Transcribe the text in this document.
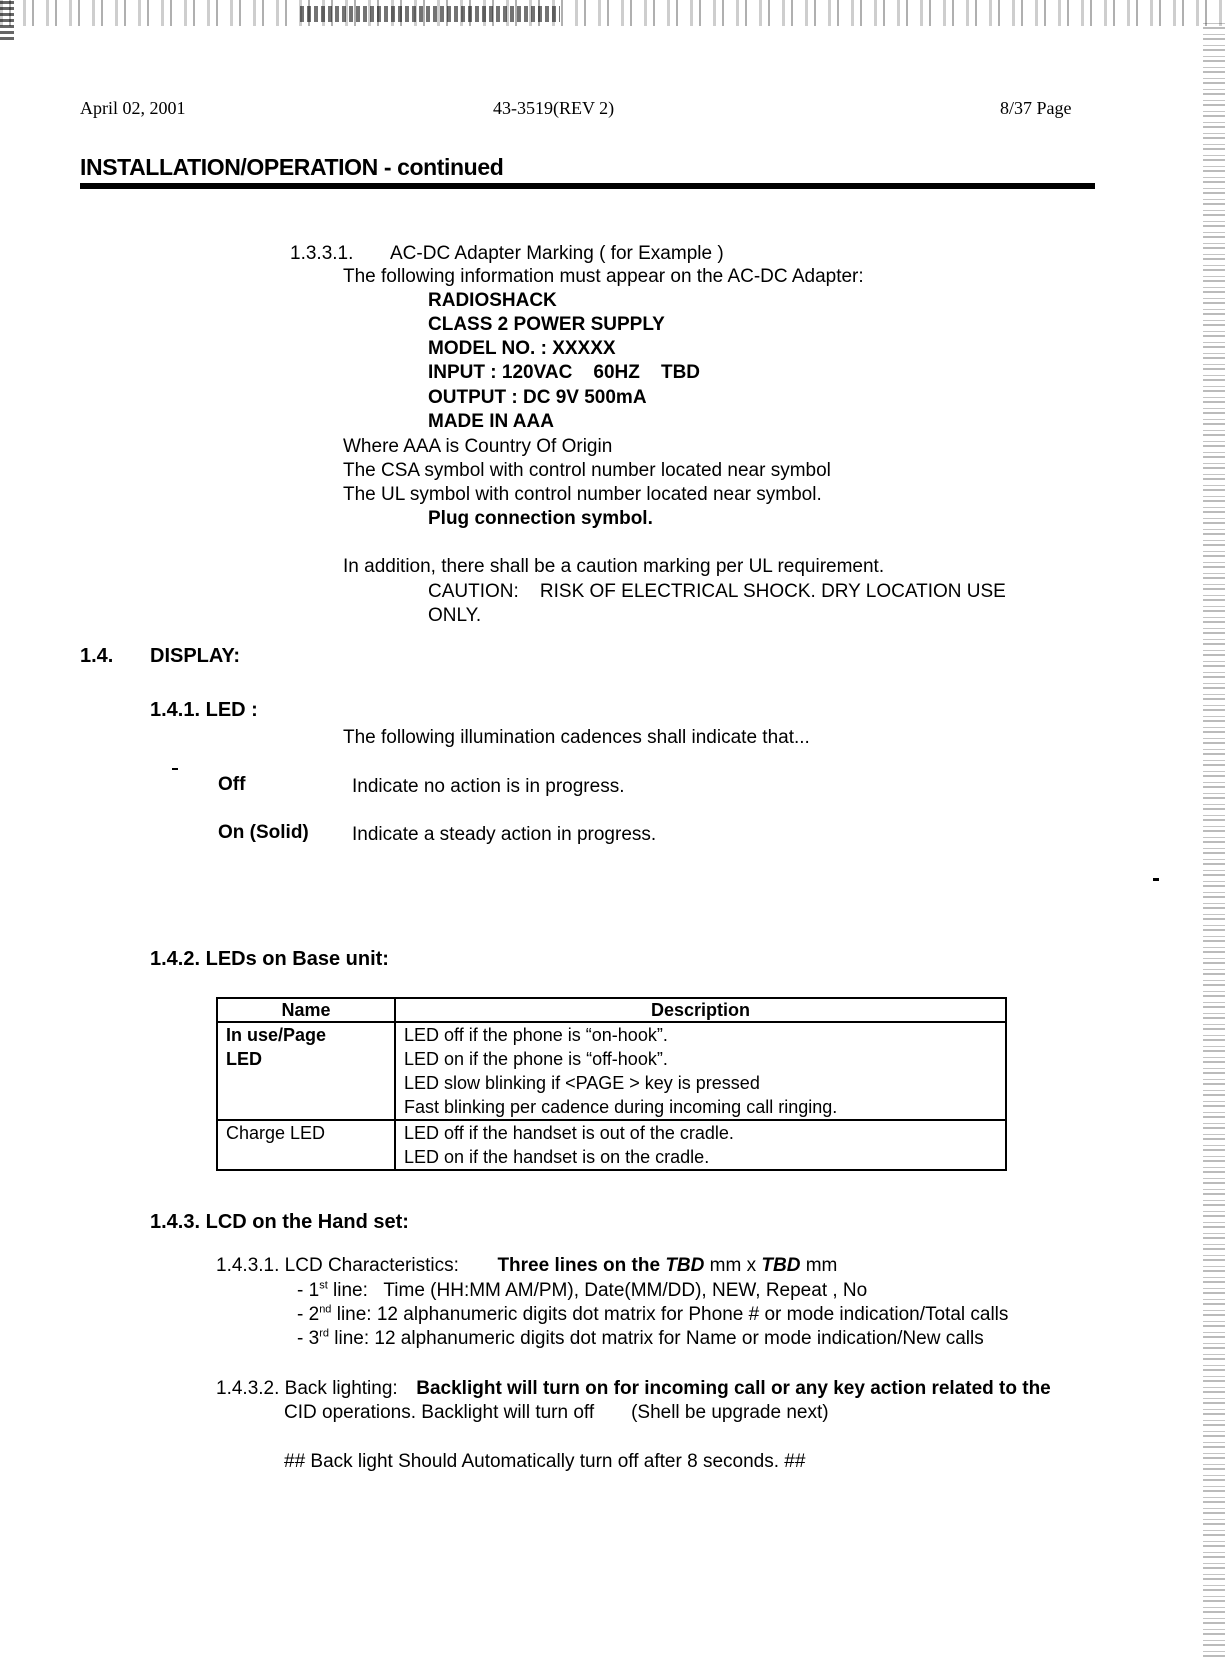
April 02, 2001	43-3519(REV 2)	8/37 Page
INSTALLATION/OPERATION - continued
1.3.3.1. AC-DC Adapter Marking ( for Example )
The following information must appear on the AC-DC Adapter:
RADIOSHACK
CLASS 2 POWER SUPPLY
MODEL NO. : XXXXX
INPUT : 120VAC    60HZ    TBD
OUTPUT : DC 9V 500mA
MADE IN AAA
Where AAA is Country Of Origin
The CSA symbol with control number located near symbol
The UL symbol with control number located near symbol.
Plug connection symbol.
In addition, there shall be a caution marking per UL requirement.
CAUTION:    RISK OF ELECTRICAL SHOCK. DRY LOCATION USE
ONLY.
1.4. DISPLAY:
1.4.1. LED :
The following illumination cadences shall indicate that...
Off	Indicate no action is in progress.
On (Solid) Indicate a steady action in progress.
1.4.2. LEDs on Base unit:
Name	Description

In use/Page
LED	LED off if the phone is “on-hook”.
LED on if the phone is “off-hook”.
LED slow blinking if <PAGE > key is pressed
Fast blinking per cadence during incoming call ringing.

Charge LED	LED off if the handset is out of the cradle.
LED on if the handset is on the cradle.
1.4.3. LCD on the Hand set:
1.4.3.1. LCD Characteristics: Three lines on the TBD mm x TBD mm
- 1st line:   Time (HH:MM AM/PM), Date(MM/DD), NEW, Repeat , No
- 2nd line: 12 alphanumeric digits dot matrix for Phone # or mode indication/Total calls
- 3rd line: 12 alphanumeric digits dot matrix for Name or mode indication/New calls
1.4.3.2. Back lighting: Backlight will turn on for incoming call or any key action related to the
CID operations. Backlight will turn off       (Shell be upgrade next)
## Back light Should Automatically turn off after 8 seconds. ##
